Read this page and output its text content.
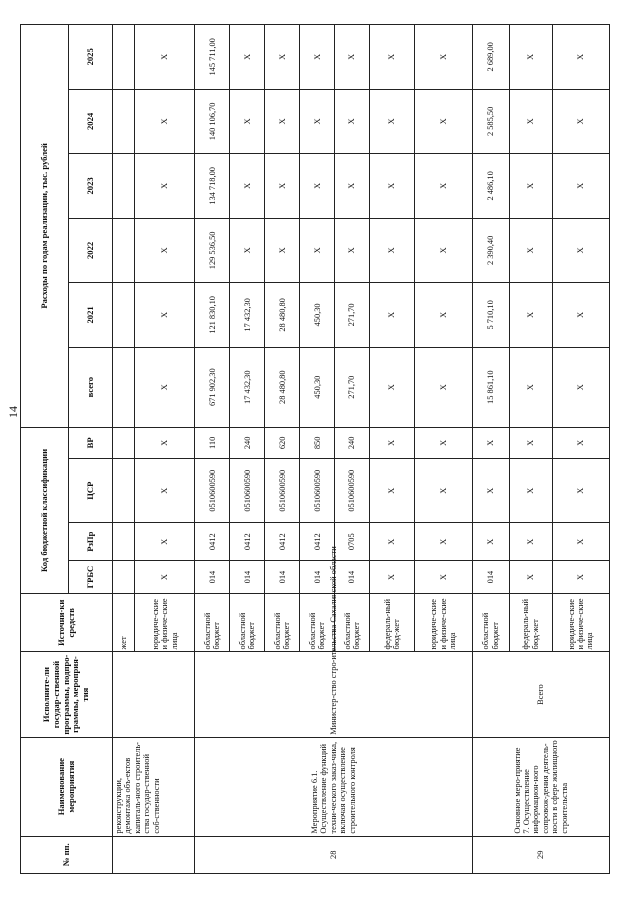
14
№ пп.	Наименование мероприятия	Исполните-ли государ-ственной программы, подпро-граммы, мероприя-тия	Источни-ки средств	Код бюджетной классификации				Расходы по годам реализации, тыс. рублей					
				ГРБС	РзПр	ЦСР	ВР	всего	2021	2022	2023	2024	2025
	реконструкции, демонтажа объ-ектов капиталь-ного строитель-ства государ-ственной соб-ственности		жет										
			юридиче-ские и физиче-ские лица	Х	Х	Х	Х	Х	Х	Х	Х	Х	Х
28	Мероприятие 6.1. Осуществление функций техни-ческого заказ-чика, включая осуществление строительного контроля	Министер-ство стро-ительства Сахалинской области	областной бюджет	014	0412	0510600590	110	671 902,30	121 830,10	129 536,50	134 718,00	140 106,70	145 711,00
			областной бюджет	014	0412	0510600590	240	17 432,30	17 432,30	Х	Х	Х	Х
			областной бюджет	014	0412	0510600590	620	28 480,80	28 480,80	Х	Х	Х	Х
			областной бюджет	014	0412	0510600590	850	450,30	450,30	Х	Х	Х	Х
			областной бюджет	014	0705	0510600590	240	271,70	271,70	Х	Х	Х	Х
			федераль-ный бюд-жет	Х	Х	Х	Х	Х	Х	Х	Х	Х	Х
			юридиче-ские и физиче-ские лица	Х	Х	Х	Х	Х	Х	Х	Х	Х	Х
29	Основное меро-приятие 7. Осуществление информацион-ного сопровож-дения деятель-ности в сфере жилищного строительства	Всего	областной бюджет	014	Х	Х	Х	15 861,10	5 710,10	2 390,40	2 486,10	2 585,50	2 689,00
			федераль-ный бюд-жет	Х	Х	Х	Х	Х	Х	Х	Х	Х	Х
			юридиче-ские и физиче-ские лица	Х	Х	Х	Х	Х	Х	Х	Х	Х	Х
